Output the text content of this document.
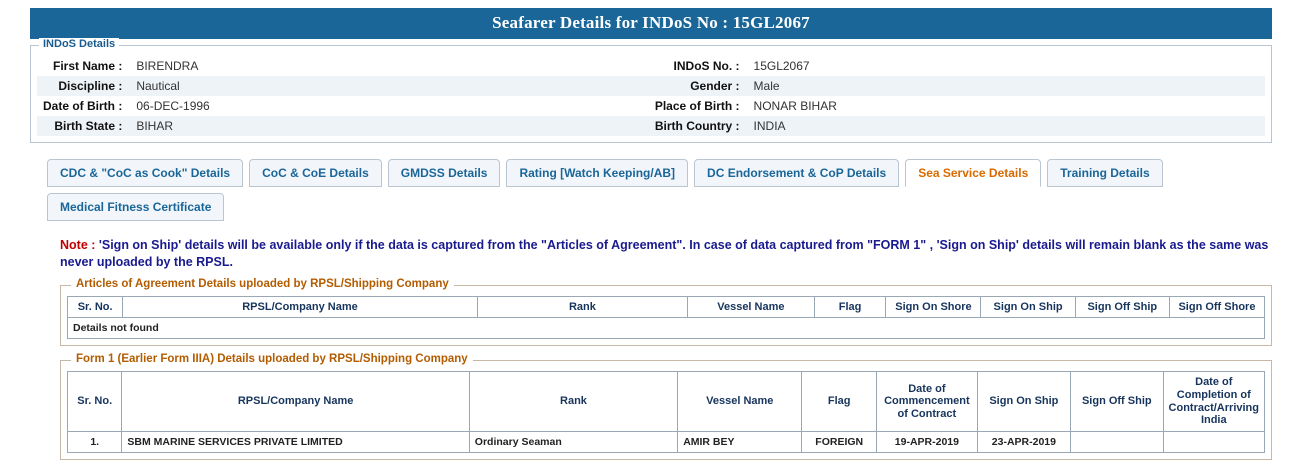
Seafarer Details for INDoS No : 15GL2067
INDoS Details
First Name :	BIRENDRA	INDoS No. :	15GL2067
Discipline :	Nautical	Gender :	Male
Date of Birth :	06-DEC-1996	Place of Birth :	NONAR BIHAR
Birth State :	BIHAR	Birth Country :	INDIA
CDC & "CoC as Cook" Details	CoC & CoE Details	GMDSS Details	Rating [Watch Keeping/AB]	DC Endorsement & CoP Details	Sea Service Details	Training Details
Medical Fitness Certificate
Note : 'Sign on Ship' details will be available only if the data is captured from the "Articles of Agreement". In case of data captured from "FORM 1" , 'Sign on Ship' details will remain blank as the same was never uploaded by the RPSL.
Articles of Agreement Details uploaded by RPSL/Shipping Company
Sr. No.	RPSL/Company Name	Rank	Vessel Name	Flag	Sign On Shore	Sign On Ship	Sign Off Ship	Sign Off Shore
Details not found
Form 1 (Earlier Form IIIA) Details uploaded by RPSL/Shipping Company
Sr. No.	RPSL/Company Name	Rank	Vessel Name	Flag	Date of Commencement of Contract	Sign On Ship	Sign Off Ship	Date of Completion of Contract/Arriving India
1.	SBM MARINE SERVICES PRIVATE LIMITED	Ordinary Seaman	AMIR BEY	FOREIGN	19-APR-2019	23-APR-2019		
